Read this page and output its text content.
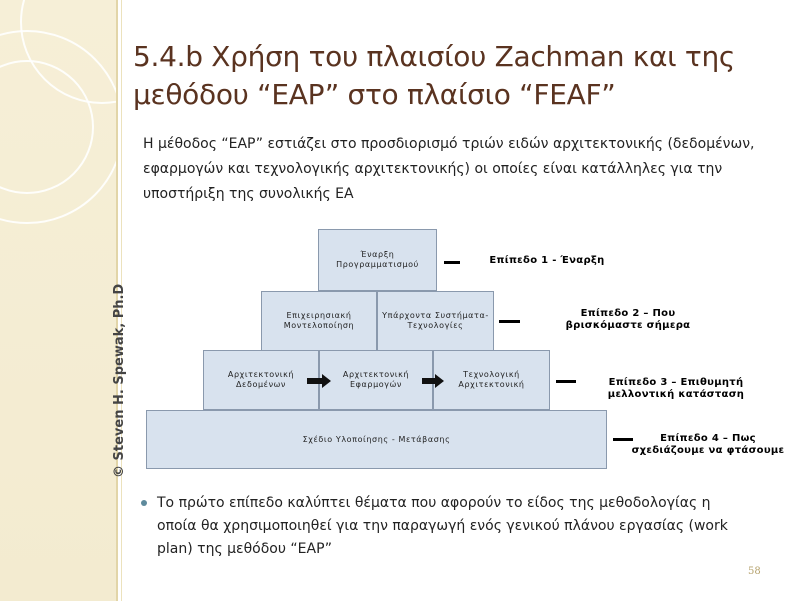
5.4.b Χρήση του πλαισίου Zachman και της μεθόδου “EAP” στο πλαίσιο “FEAF”
Η μέθοδος “EAP” εστιάζει στο προσδιορισμό τριών ειδών αρχιτεκτονικής (δεδομένων, εφαρμογών και τεχνολογικής αρχιτεκτονικής) οι οποίες είναι κατάλληλες για την υποστήριξη της συνολικής EA
© Steven H. Spewak, Ph.D
Έναρξη Προγραμματισμού
Επιχειρησιακή Μοντελοποίηση
Υπάρχοντα Συστήματα-Τεχνολογίες
Αρχιτεκτονική Δεδομένων
Αρχιτεκτονική Εφαρμογών
Τεχνολογική Αρχιτεκτονική
Σχέδιο Υλοποίησης - Μετάβασης
Επίπεδο 1 - Έναρξη
Επίπεδο 2 – Που βρισκόμαστε σήμερα
Επίπεδο 3 – Επιθυμητή μελλοντική κατάσταση
Επίπεδο 4 – Πως σχεδιάζουμε να φτάσουμε
Το πρώτο επίπεδο καλύπτει θέματα που αφορούν το είδος της μεθοδολογίας η οποία θα χρησιμοποιηθεί για την παραγωγή ενός γενικού πλάνου εργασίας (work plan) της μεθόδου “EAP”
58
